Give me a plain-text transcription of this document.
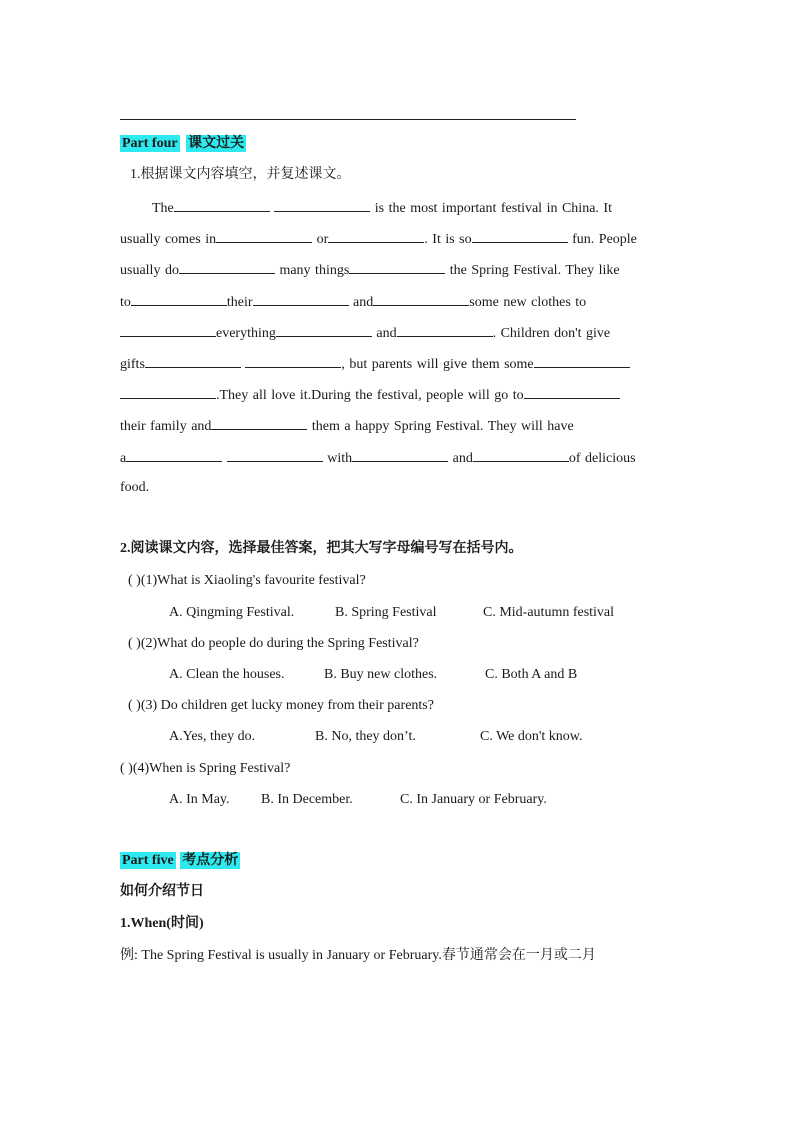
Part four 课文过关
1.根据课文内容填空，并复述课文。
The	is the most important festival in China. It
usually comes in	or	. It is so	fun. People
usually do	many things	the Spring Festival. They like
to	their	and	some new clothes to
everything	and	. Children don't give
gifts	, but parents will give them some
.They all love it.During the festival, people will go to
their family and	them a happy Spring Festival. They will have
a	with	and	of delicious
food.
2.阅读课文内容，选择最佳答案，把其大写字母编号写在括号内。
( )(1)What is Xiaoling's favourite festival?
A. Qingming Festival.	B. Spring Festival	C. Mid-autumn festival
( )(2)What do people do during the Spring Festival?
A. Clean the houses.	B. Buy new clothes.	C. Both A and B
( )(3) Do children get lucky money from their parents?
A.Yes, they do.	B. No, they don’t.	C. We don't know.
( )(4)When is Spring Festival?
A. In May. B. In December.	C. In January or February.
Part five 考点分析
如何介绍节日
1.When(时间)
例: The Spring Festival is usually in January or February.春节通常会在一月或二月
